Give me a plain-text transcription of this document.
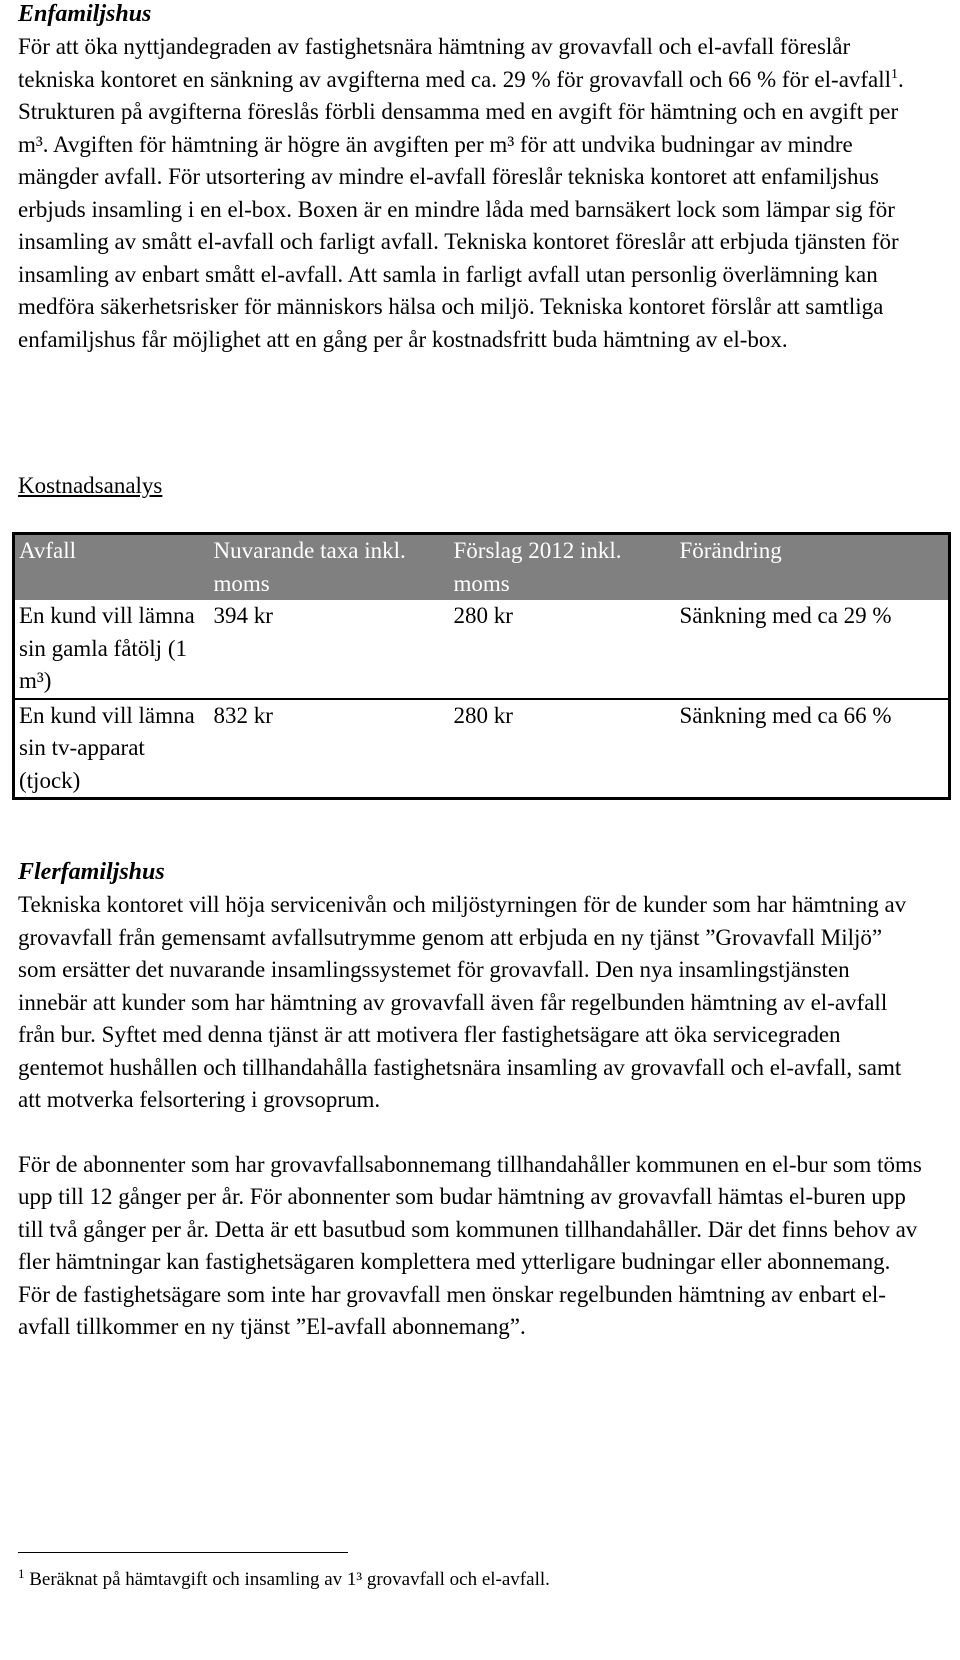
Enfamiljshus

För att öka nyttjandegraden av fastighetsnära hämtning av grovavfall och el-avfall föreslår tekniska kontoret en sänkning av avgifterna med ca. 29 % för grovavfall och 66 % för el-avfall$^1$. Strukturen på avgifterna föreslås förbli densamma med en avgift för hämtning och en avgift per m³. Avgiften för hämtning är högre än avgiften per m³ för att undvika budningar av mindre mängder avfall. För utsortering av mindre el-avfall föreslår tekniska kontoret att enfamiljshus erbjuds insamling i en el-box. Boxen är en mindre låda med barnsäkert lock som lämpar sig för insamling av smått el-avfall och farligt avfall. Tekniska kontoret föreslår att erbjuda tjänsten för insamling av enbart smått el-avfall. Att samla in farligt avfall utan personlig överlämning kan medföra säkerhetsrisker för människors hälsa och miljö. Tekniska kontoret förslår att samtliga enfamiljshus får möjlighet att en gång per år kostnadsfritt buda hämtning av el-box.

Kostnadsanalys

Avfall	Nuvarande taxa inkl. moms	Förslag 2012 inkl. moms	Förändring
En kund vill lämna sin gamla fåtölj (1 m³)	394 kr	280 kr	Sänkning med ca 29 %
En kund vill lämna sin tv-apparat (tjock)	832 kr	280 kr	Sänkning med ca 66 %

Flerfamiljshus

Tekniska kontoret vill höja servicenivån och miljöstyrningen för de kunder som har hämtning av grovavfall från gemensamt avfallsutrymme genom att erbjuda en ny tjänst ”Grovavfall Miljö” som ersätter det nuvarande insamlingssystemet för grovavfall. Den nya insamlingstjänsten innebär att kunder som har hämtning av grovavfall även får regelbunden hämtning av el-avfall från bur. Syftet med denna tjänst är att motivera fler fastighetsägare att öka servicegraden gentemot hushållen och tillhandahålla fastighetsnära insamling av grovavfall och el-avfall, samt att motverka felsortering i grovsoprum.

För de abonnenter som har grovavfallsabonnemang tillhandahåller kommunen en el-bur som töms upp till 12 gånger per år. För abonnenter som budar hämtning av grovavfall hämtas el-buren upp till två gånger per år. Detta är ett basutbud som kommunen tillhandahåller. Där det finns behov av fler hämtningar kan fastighetsägaren komplettera med ytterligare budningar eller abonnemang. För de fastighetsägare som inte har grovavfall men önskar regelbunden hämtning av enbart el-avfall tillkommer en ny tjänst ”El-avfall abonnemang”.

$^1$ Beräknat på hämtavgift och insamling av 1³ grovavfall och el-avfall.
